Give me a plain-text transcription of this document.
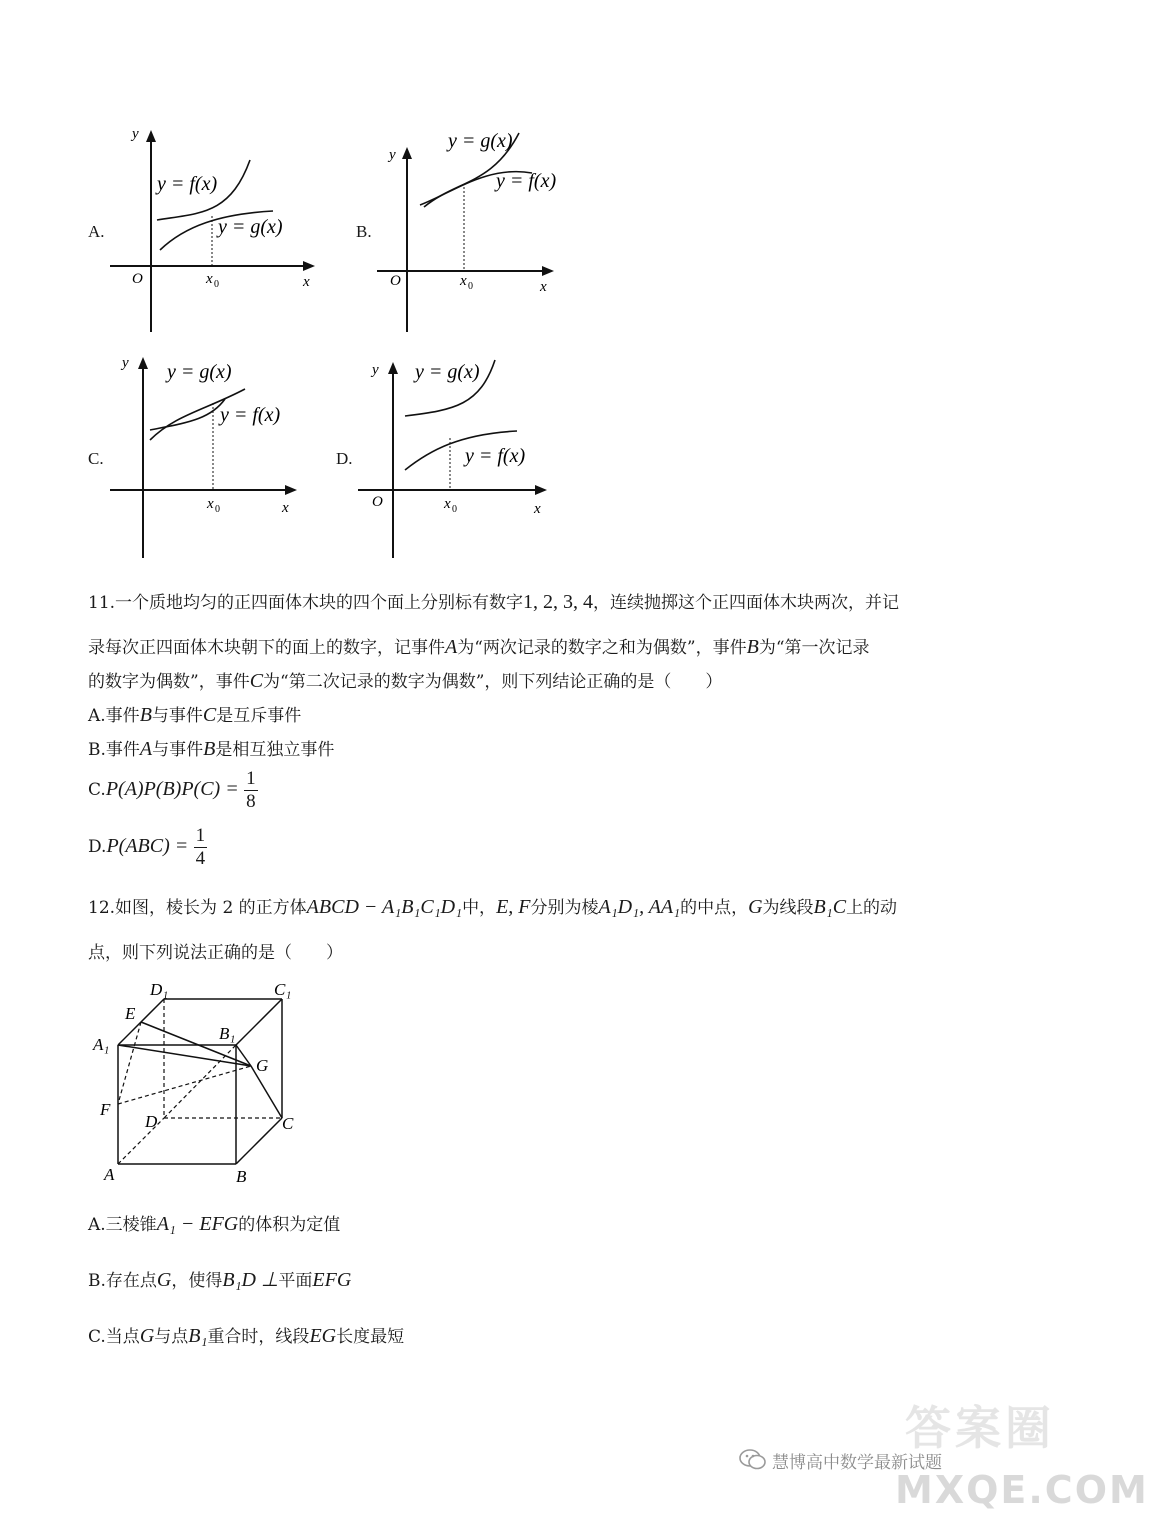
A.
y
y = f(x)
y = g(x)
O	x 0	x
B.
y
y = g(x)
y = f(x)
O	x 0	x
C.
y y = g(x)
y = f(x)
x 0	x
D.
y y = g(x)
y = f(x)
O	x 0	x
11.一个质地均匀的正四面体木块的四个面上分别标有数字1, 2, 3, 4，连续抛掷这个正四面体木块两次，并记
录每次正四面体木块朝下的面上的数字，记事件A为“两次记录的数字之和为偶数”，事件B为“第一次记录
的数字为偶数”，事件C为“第二次记录的数字为偶数”，则下列结论正确的是（　　）
A.事件B与事件C是互斥事件
B.事件A与事件B是相互独立事件
$C.P(A)P(B)P(C) = \frac{1}{8}$
$D.P(ABC) = \frac{1}{4}$
12.如图，棱长为 2 的正方体ABCD − A₁B₁C₁D₁中，E, F分别为棱A₁D₁, AA₁的中点，G为线段B₁C上的动
点，则下列说法正确的是（　　）
D₁	C₁
E
A₁
B₁
G
F
D	C
A	B
A.三棱锥A₁ − EFG的体积为定值
B.存在点G，使得B₁D ⊥平面EFG
C.当点G与点B₁重合时，线段EG长度最短
慧博高中数学最新试题
答案圈
MXQE.COM
